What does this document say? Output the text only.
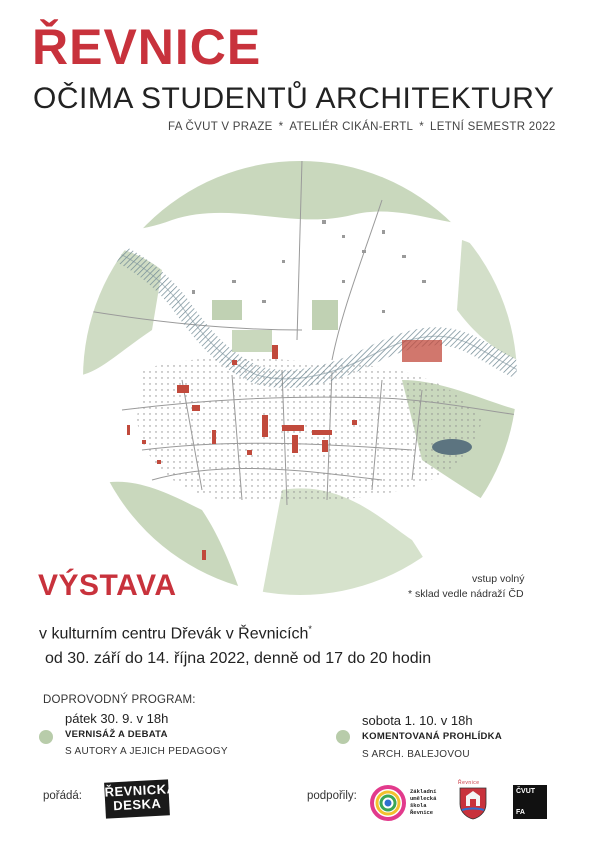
ŘEVNICE
OČIMA STUDENTŮ ARCHITEKTURY
FA ČVUT V PRAZE * ATELIÉR CIKÁN-ERTL * LETNÍ SEMESTR 2022
VÝSTAVA	vstup volný
* sklad vedle nádraží ČD
v kulturním centru Dřevák v Řevnicích*
od 30. září do 14. října 2022, denně od 17 do 20 hodin
DOPROVODNÝ PROGRAM:
pátek 30. 9. v 18h
VERNISÁŽ A DEBATA
S AUTORY A JEJICH PEDAGOGY
sobota 1. 10. v 18h
KOMENTOVANÁ PROHLÍDKA
S ARCH. BALEJOVOU
pořádá: ŘEVNICKÁ
DESKA	podpořily:	Základní
umělecká
škola
Řevnice
Řevnice
ČVUT
FA
